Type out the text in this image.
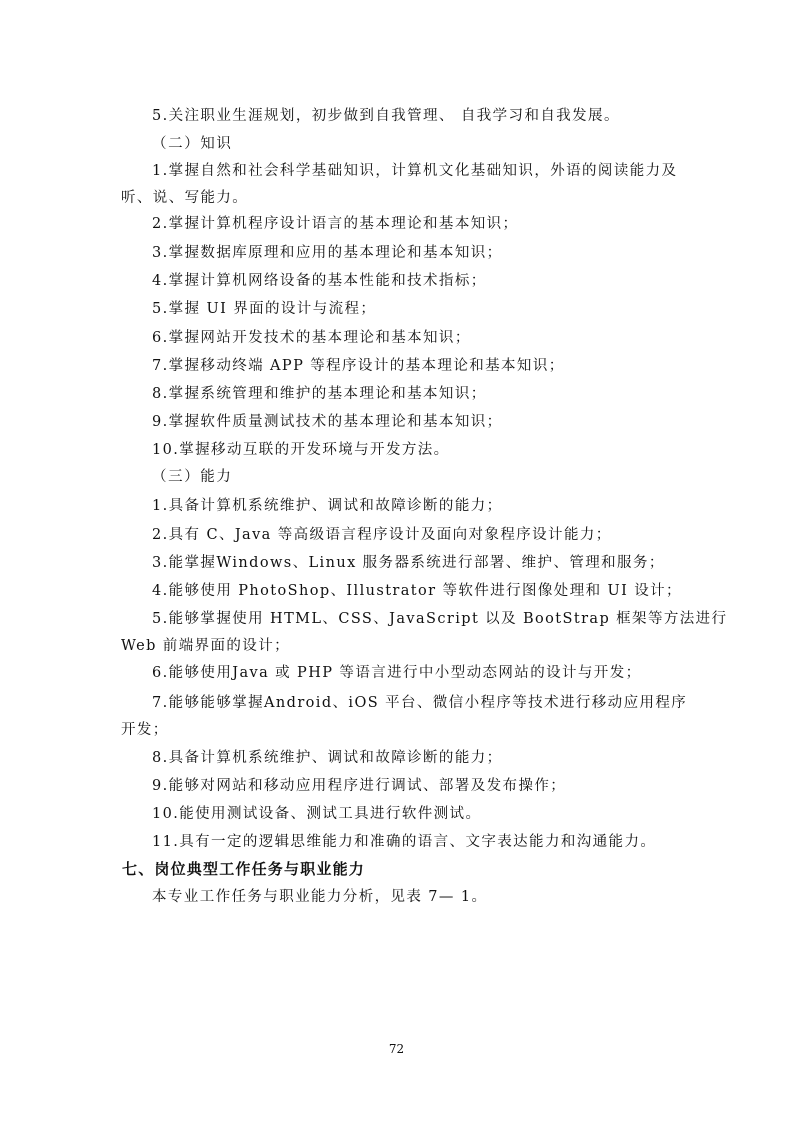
5.关注职业生涯规划，初步做到自我管理、 自我学习和自我发展。
（二）知识
1.掌握自然和社会科学基础知识，计算机文化基础知识，外语的阅读能力及
听、说、写能力。
2.掌握计算机程序设计语言的基本理论和基本知识；
3.掌握数据库原理和应用的基本理论和基本知识；
4.掌握计算机网络设备的基本性能和技术指标；
5.掌握 UI 界面的设计与流程；
6.掌握网站开发技术的基本理论和基本知识；
7.掌握移动终端 APP 等程序设计的基本理论和基本知识；
8.掌握系统管理和维护的基本理论和基本知识；
9.掌握软件质量测试技术的基本理论和基本知识；
10.掌握移动互联的开发环境与开发方法。
（三）能力
1.具备计算机系统维护、调试和故障诊断的能力；
2.具有 C、Java 等高级语言程序设计及面向对象程序设计能力；
3.能掌握Windows、Linux 服务器系统进行部署、维护、管理和服务；
4.能够使用 PhotoShop、Illustrator 等软件进行图像处理和 UI 设计；
5.能够掌握使用 HTML、CSS、JavaScript 以及 BootStrap 框架等方法进行
Web 前端界面的设计；
6.能够使用Java 或 PHP 等语言进行中小型动态网站的设计与开发；
7.能够能够掌握Android、iOS 平台、微信小程序等技术进行移动应用程序
开发；
8.具备计算机系统维护、调试和故障诊断的能力；
9.能够对网站和移动应用程序进行调试、部署及发布操作；
10.能使用测试设备、测试工具进行软件测试。
11.具有一定的逻辑思维能力和准确的语言、文字表达能力和沟通能力。
七、岗位典型工作任务与职业能力
本专业工作任务与职业能力分析，见表 7— 1。
72
